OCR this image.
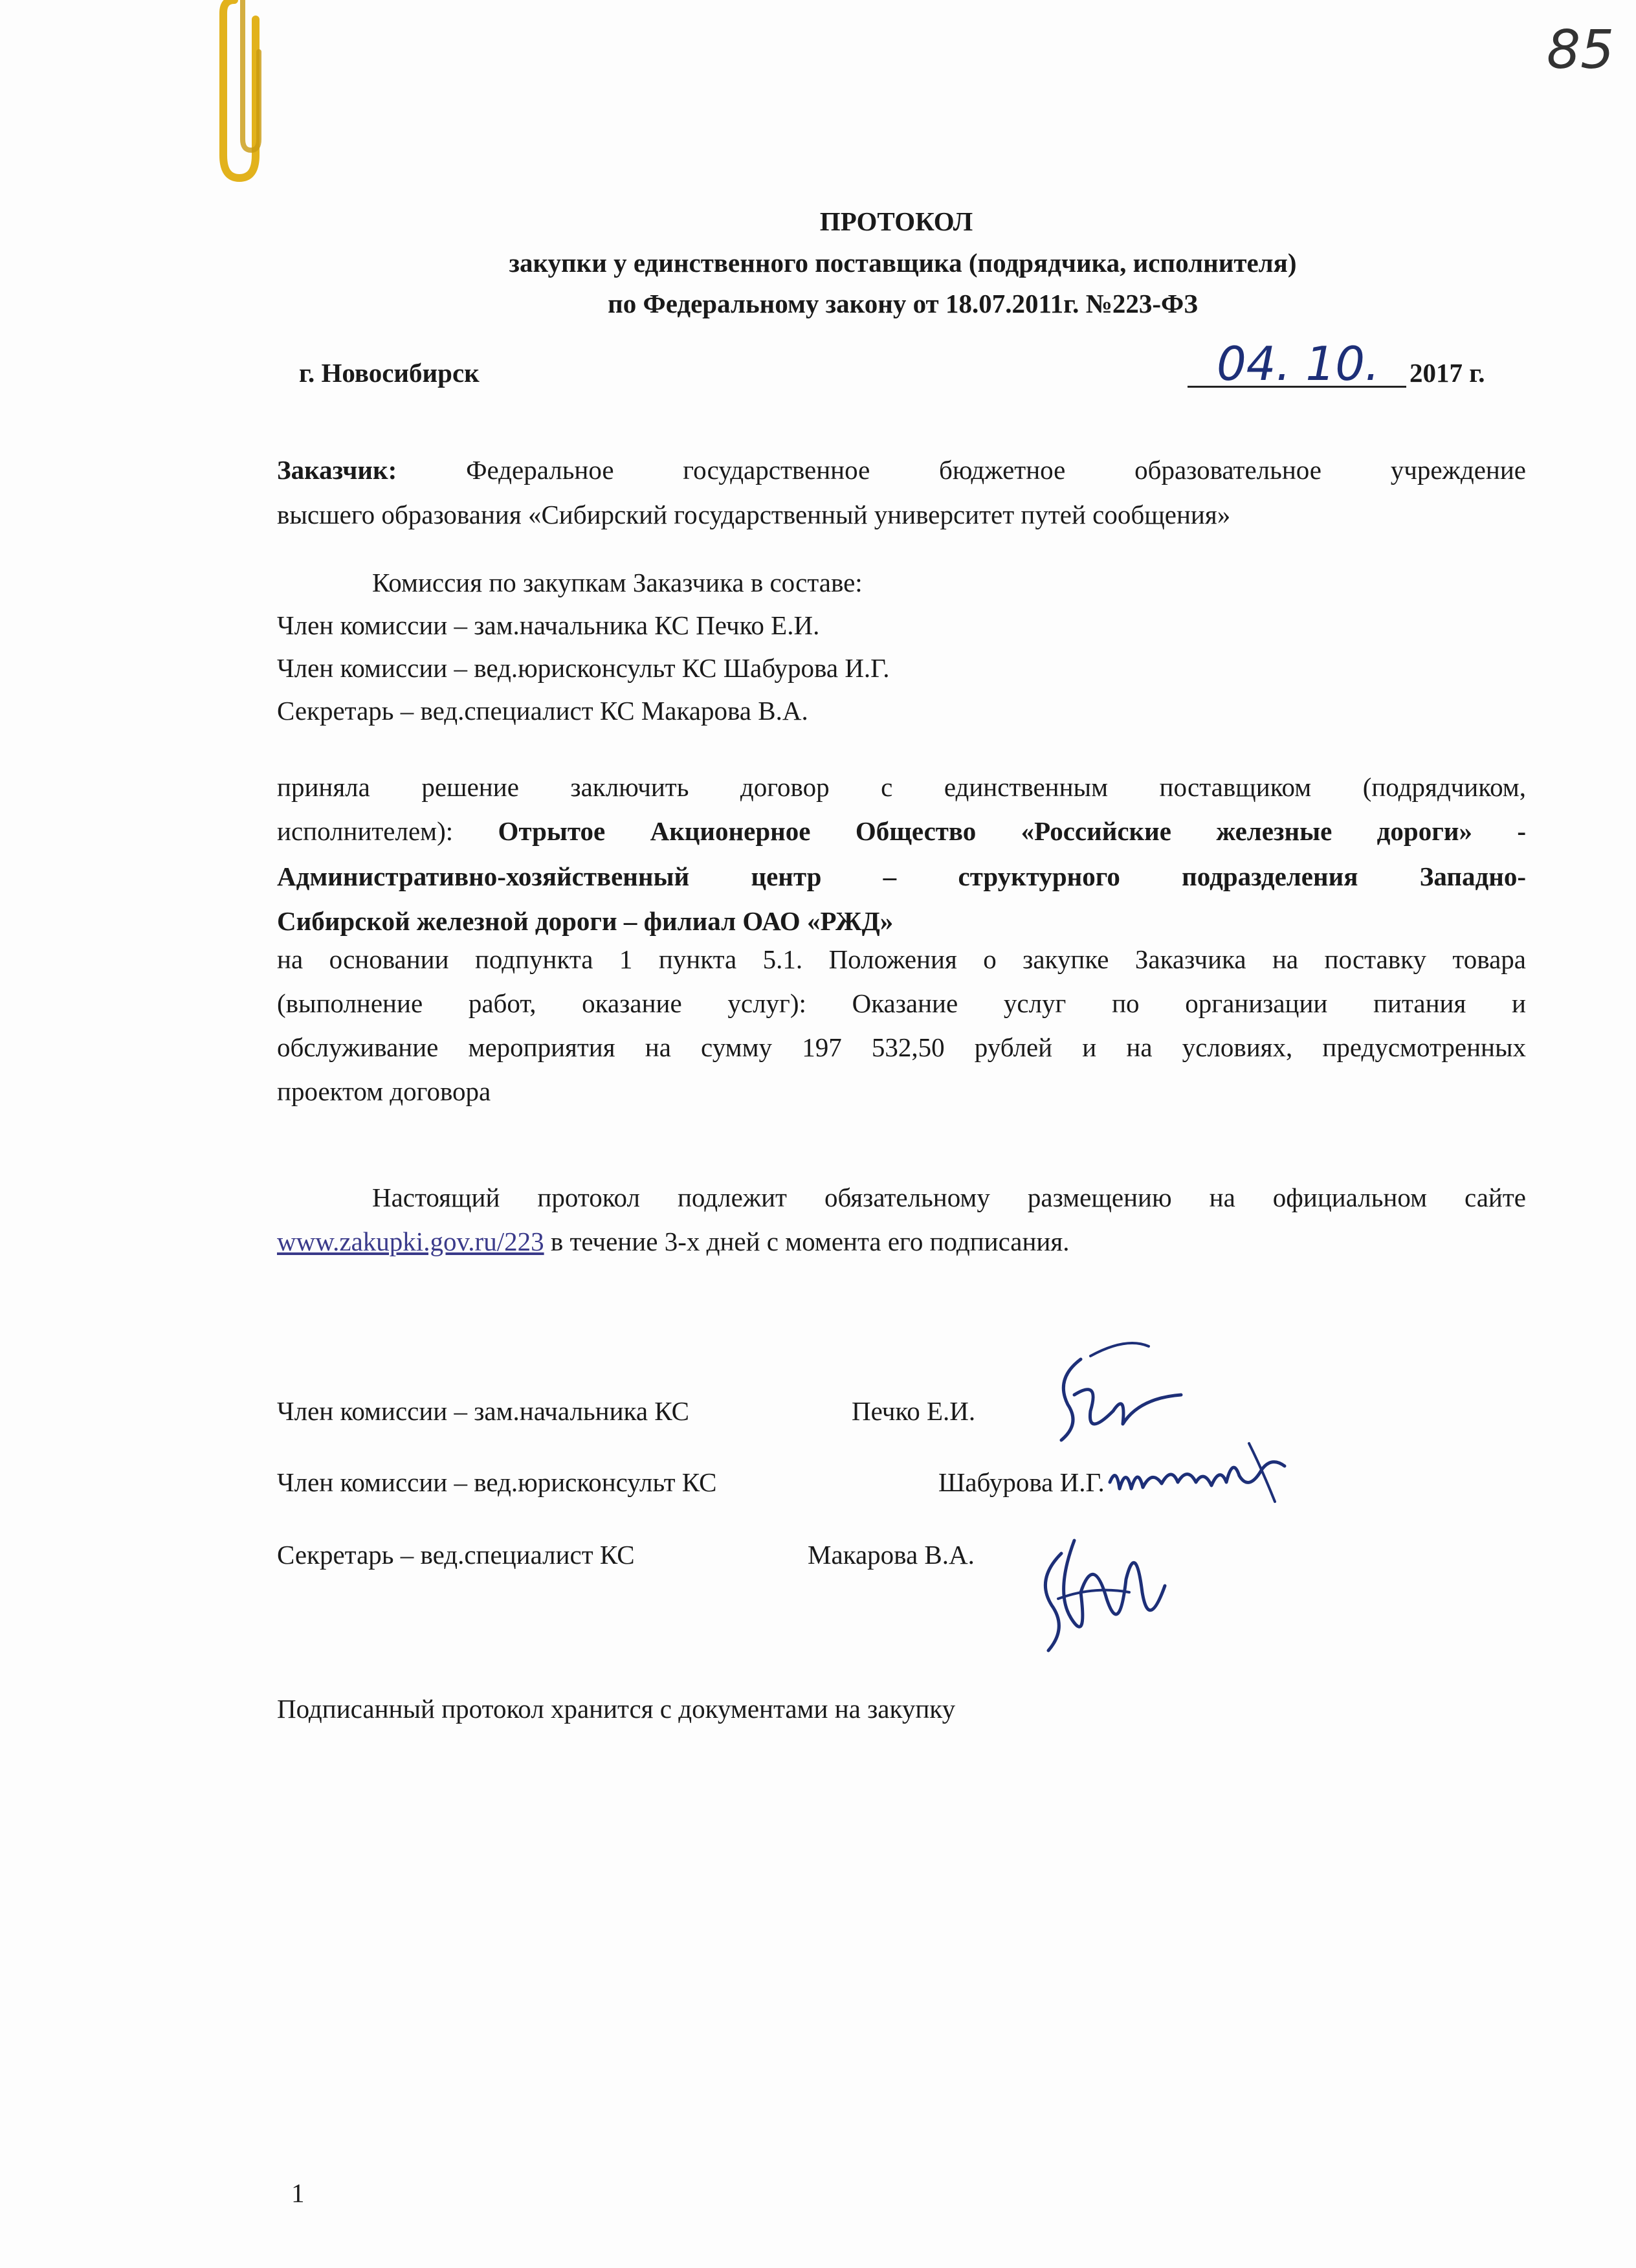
85
ПРОТОКОЛ
закупки у единственного поставщика (подрядчика, исполнителя)
по Федеральному закону от 18.07.2011г. №223-ФЗ
г. Новосибирск	04. 10. 2017 г.
Заказчик:	Федеральное государственное бюджетное образовательное учреждение
высшего образования «Сибирский государственный университет путей сообщения»
Комиссия по закупкам Заказчика в составе:
Член комиссии – зам.начальника КС Печко Е.И.
Член комиссии – вед.юрисконсульт КС Шабурова И.Г.
Секретарь – вед.специалист КС Макарова В.А.
приняла решение заключить договор с единственным поставщиком (подрядчиком,
исполнителем): Отрытое Акционерное Общество «Российские железные дороги» -
Административно-хозяйственный центр – структурного подразделения Западно-
Сибирской железной дороги – филиал ОАО «РЖД»
на основании подпункта 1 пункта 5.1. Положения о закупке Заказчика на поставку товара
(выполнение работ, оказание услуг): Оказание услуг по организации питания и
обслуживание мероприятия на сумму 197 532,50 рублей и на условиях, предусмотренных
проектом договора
Настоящий протокол подлежит обязательному размещению на официальном сайте
www.zakupki.gov.ru/223 в течение 3-х дней с момента его подписания.
Член комиссии – зам.начальника КС	Печко Е.И.
Член комиссии – вед.юрисконсульт КС	Шабурова И.Г.
Секретарь – вед.специалист КС	Макарова В.А.
Подписанный протокол хранится с документами на закупку
1
